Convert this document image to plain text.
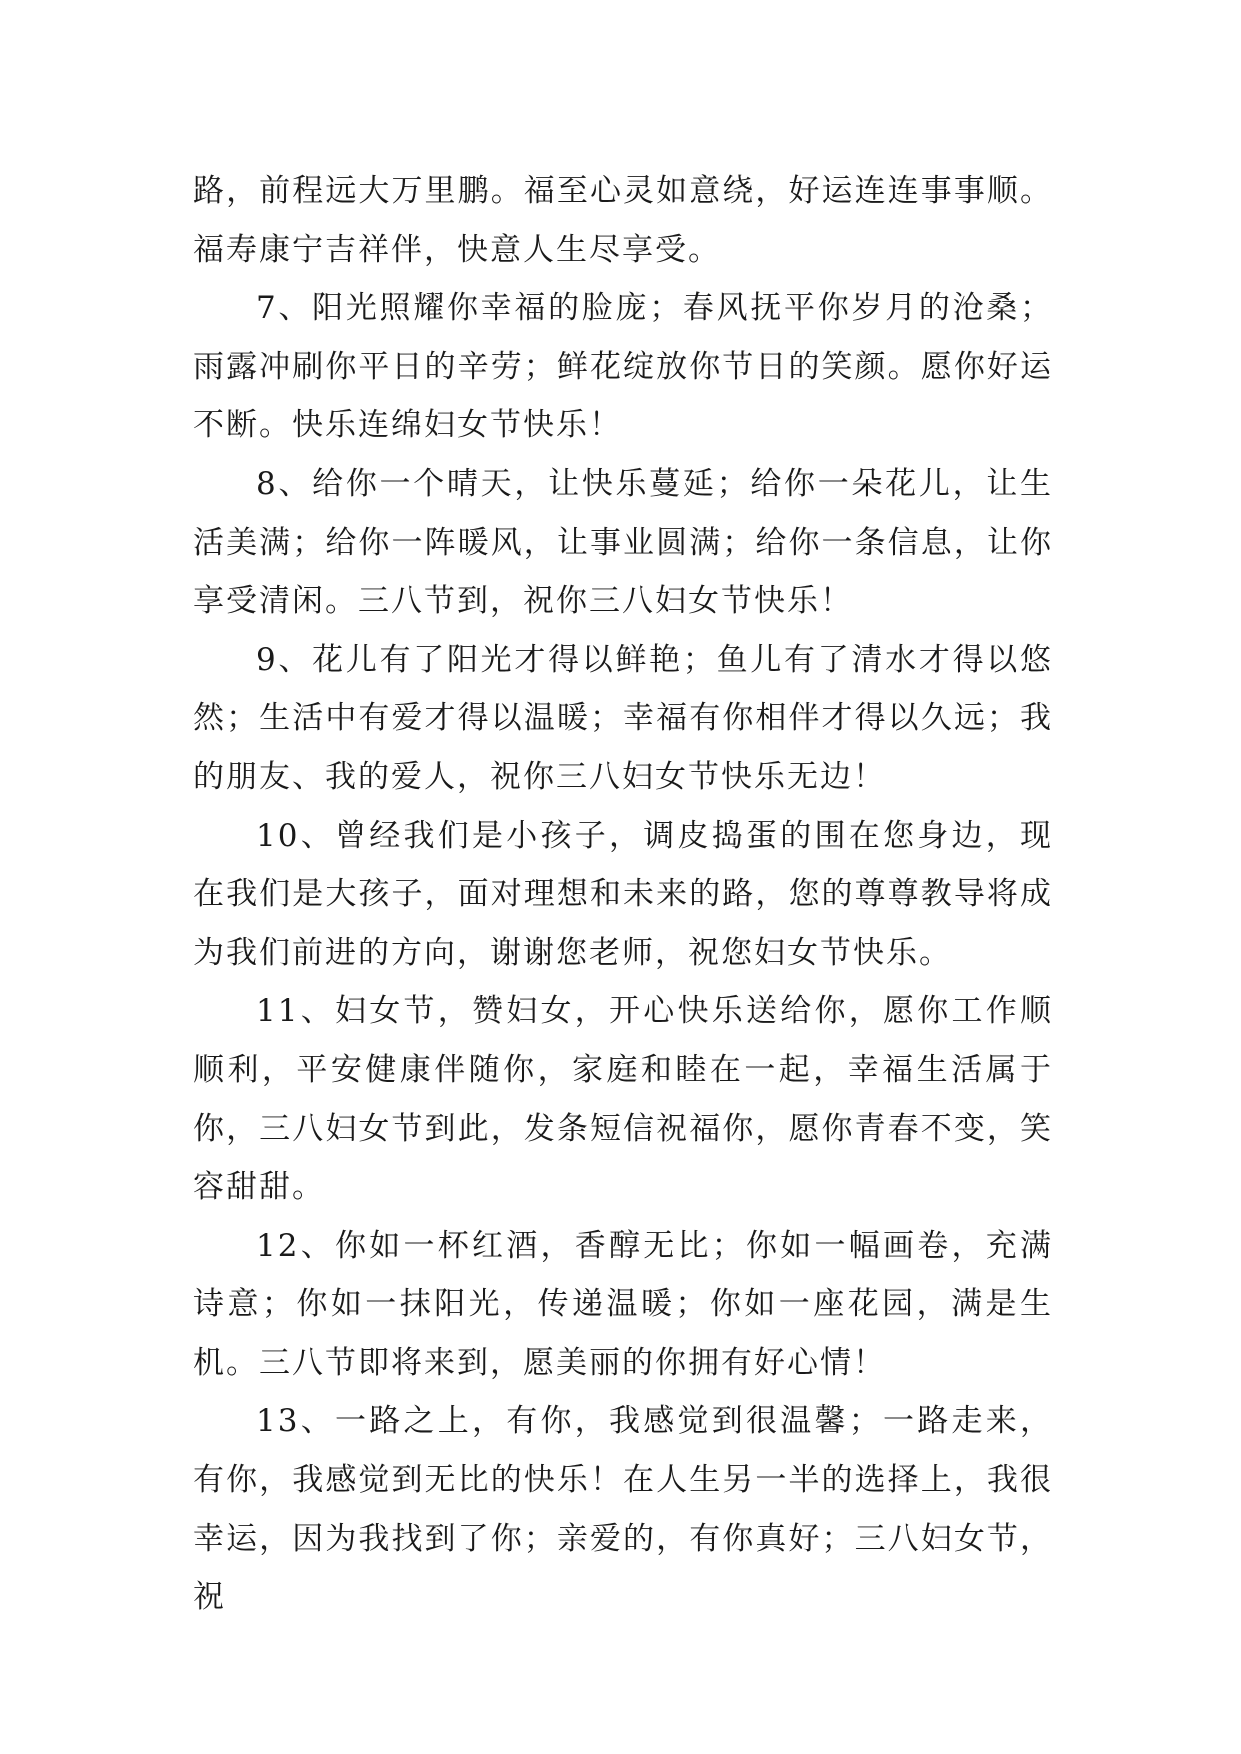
路，前程远大万里鹏。福至心灵如意绕，好运连连事事顺。福寿康宁吉祥伴，快意人生尽享受。

7、阳光照耀你幸福的脸庞；春风抚平你岁月的沧桑；雨露冲刷你平日的辛劳；鲜花绽放你节日的笑颜。愿你好运不断。快乐连绵妇女节快乐！

8、给你一个晴天，让快乐蔓延；给你一朵花儿，让生活美满；给你一阵暖风，让事业圆满；给你一条信息，让你享受清闲。三八节到，祝你三八妇女节快乐！

9、花儿有了阳光才得以鲜艳；鱼儿有了清水才得以悠然；生活中有爱才得以温暖；幸福有你相伴才得以久远；我的朋友、我的爱人，祝你三八妇女节快乐无边！

10、曾经我们是小孩子，调皮捣蛋的围在您身边，现在我们是大孩子，面对理想和未来的路，您的尊尊教导将成为我们前进的方向，谢谢您老师，祝您妇女节快乐。

11、妇女节，赞妇女，开心快乐送给你，愿你工作顺顺利，平安健康伴随你，家庭和睦在一起，幸福生活属于你，三八妇女节到此，发条短信祝福你，愿你青春不变，笑容甜甜。

12、你如一杯红酒，香醇无比；你如一幅画卷，充满诗意；你如一抹阳光，传递温暖；你如一座花园，满是生机。三八节即将来到，愿美丽的你拥有好心情！

13、一路之上，有你，我感觉到很温馨；一路走来，有你，我感觉到无比的快乐！在人生另一半的选择上，我很幸运，因为我找到了你；亲爱的，有你真好；三八妇女节，祝
